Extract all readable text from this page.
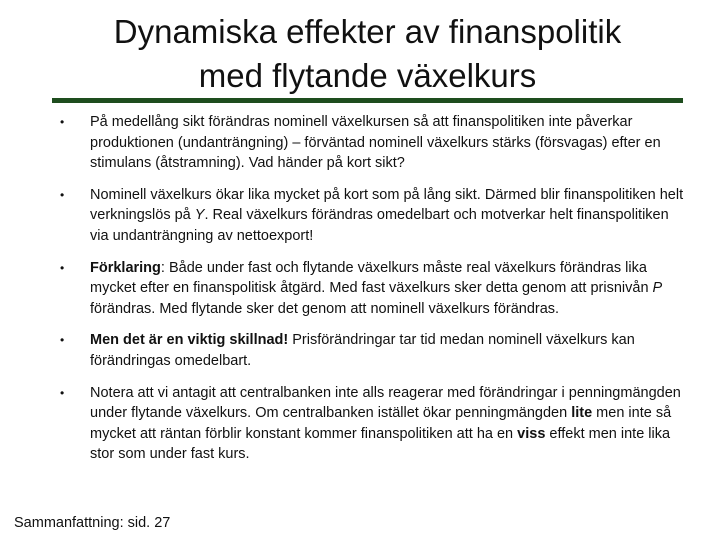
Dynamiska effekter av finanspolitik
med flytande växelkurs
•	På medellång sikt förändras nominell växelkursen så att finanspolitiken inte påverkar produktionen (undanträngning) – förväntad nominell växelkurs stärks (försvagas) efter en stimulans (åtstramning). Vad händer på kort sikt?
•	Nominell växelkurs ökar lika mycket på kort som på lång sikt. Därmed blir finanspolitiken helt verkningslös på Y. Real växelkurs förändras omedelbart och motverkar helt finanspolitiken via undanträngning av nettoexport!
•	Förklaring: Både under fast och flytande växelkurs måste real växelkurs förändras lika mycket efter en finanspolitisk åtgärd. Med fast växelkurs sker detta genom att prisnivån P förändras. Med flytande sker det genom att nominell växelkurs förändras.
•	Men det är en viktig skillnad! Prisförändringar tar tid medan nominell växelkurs kan förändringas omedelbart.
•	Notera att vi antagit att centralbanken inte alls reagerar med förändringar i penningmängden under flytande växelkurs. Om centralbanken istället ökar penningmängden lite men inte så mycket att räntan förblir konstant kommer finanspolitiken att ha en viss effekt men inte lika stor som under fast kurs.
Sammanfattning: sid. 27
